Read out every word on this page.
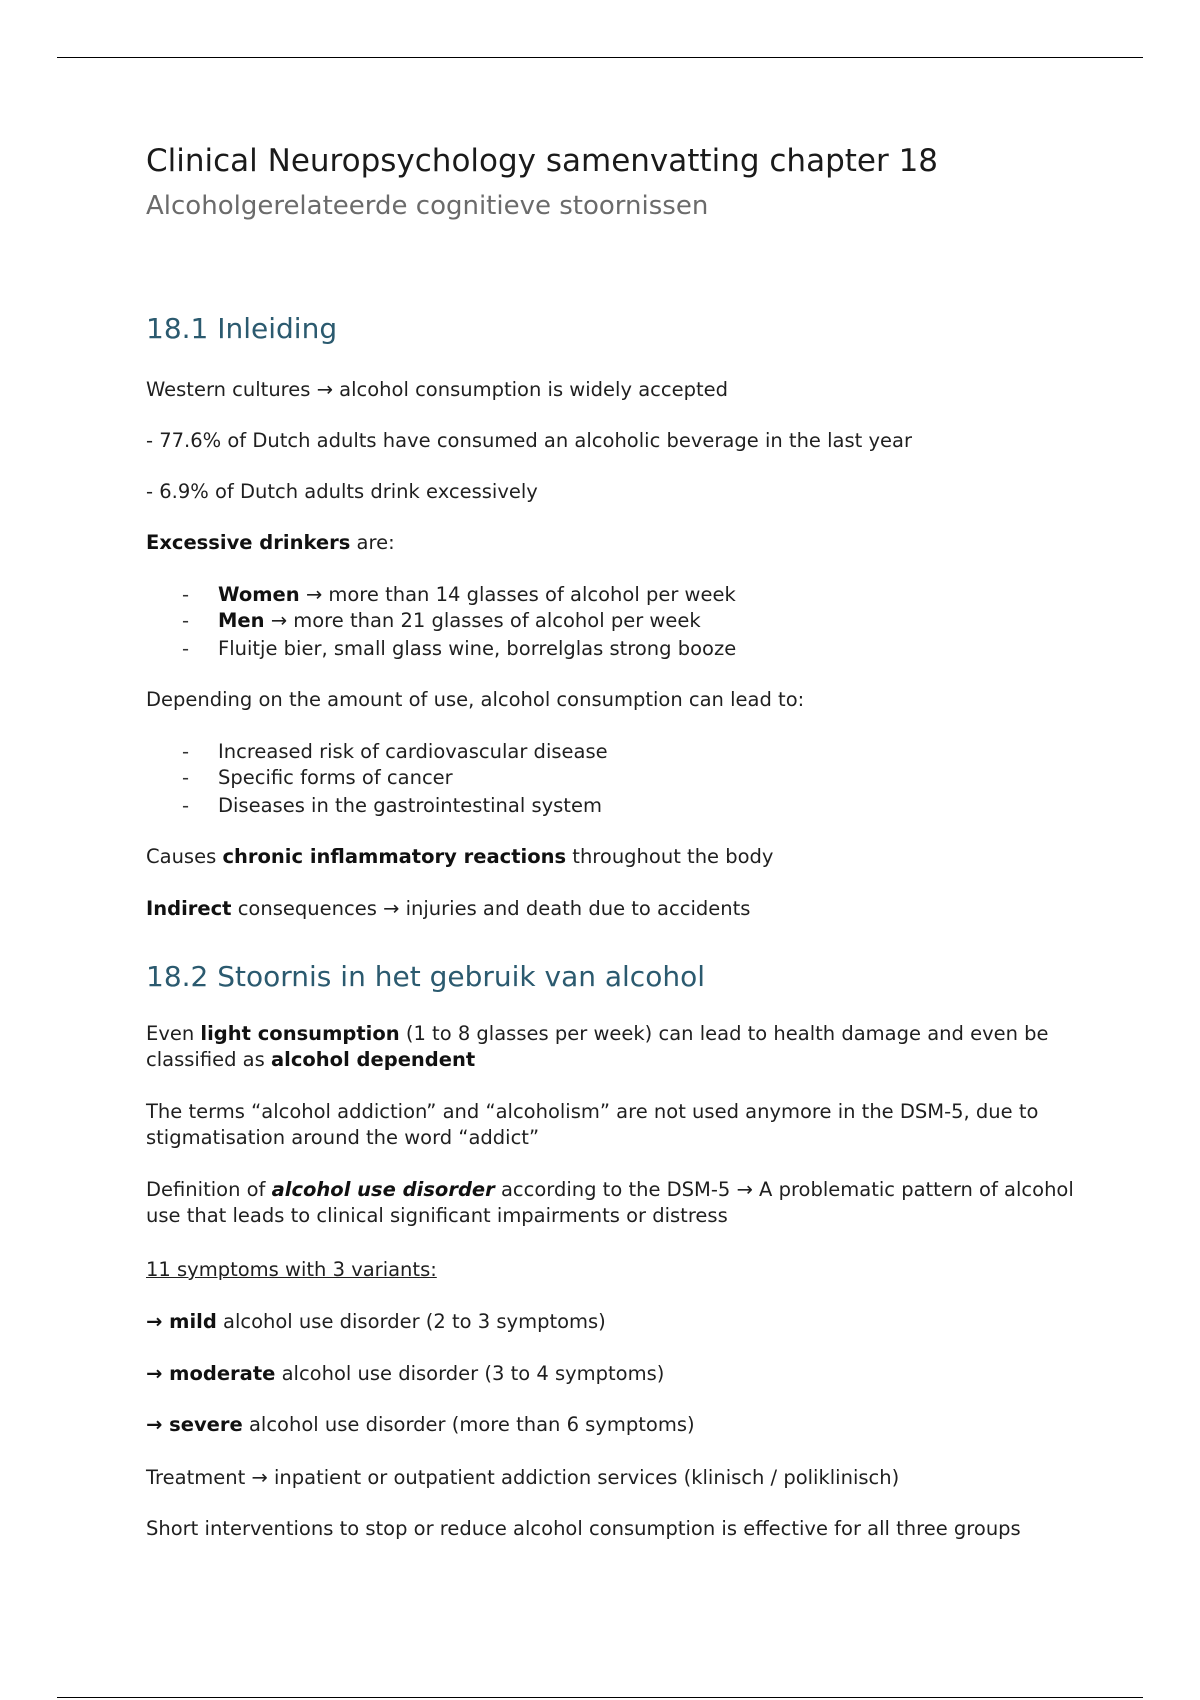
Clinical Neuropsychology samenvatting chapter 18
Alcoholgerelateerde cognitieve stoornissen
18.1 Inleiding
Western cultures → alcohol consumption is widely accepted
- 77.6% of Dutch adults have consumed an alcoholic beverage in the last year
- 6.9% of Dutch adults drink excessively
Excessive drinkers are:
- Women → more than 14 glasses of alcohol per week
- Men → more than 21 glasses of alcohol per week
- Fluitje bier, small glass wine, borrelglas strong booze
Depending on the amount of use, alcohol consumption can lead to:
- Increased risk of cardiovascular disease
- Specific forms of cancer
- Diseases in the gastrointestinal system
Causes chronic inflammatory reactions throughout the body
Indirect consequences → injuries and death due to accidents
18.2 Stoornis in het gebruik van alcohol
Even light consumption (1 to 8 glasses per week) can lead to health damage and even be classified as alcohol dependent
The terms “alcohol addiction” and “alcoholism” are not used anymore in the DSM-5, due to stigmatisation around the word “addict”
Definition of alcohol use disorder according to the DSM-5 → A problematic pattern of alcohol use that leads to clinical significant impairments or distress
11 symptoms with 3 variants:
→ mild alcohol use disorder (2 to 3 symptoms)
→ moderate alcohol use disorder (3 to 4 symptoms)
→ severe alcohol use disorder (more than 6 symptoms)
Treatment → inpatient or outpatient addiction services (klinisch / poliklinisch)
Short interventions to stop or reduce alcohol consumption is effective for all three groups
